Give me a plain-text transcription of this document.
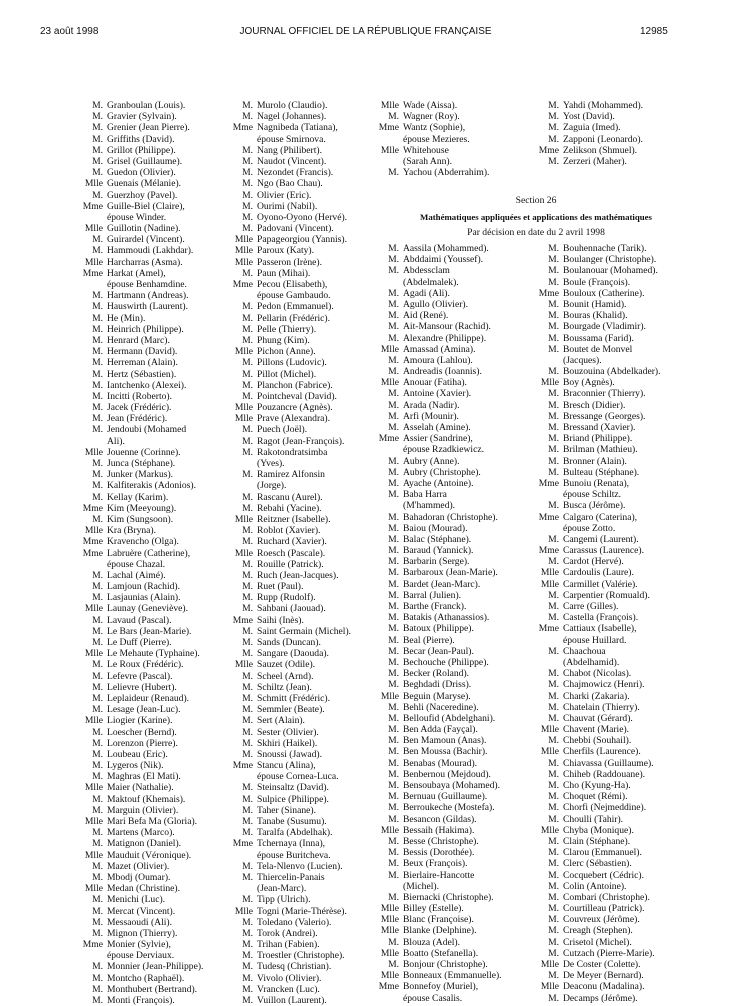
23 août 1998	JOURNAL OFFICIEL DE LA RÉPUBLIQUE FRANÇAISE	12985
M. Granboulan (Louis).
M. Gravier (Sylvain).
M. Grenier (Jean Pierre).
M. Griffiths (David).
M. Grillot (Philippe).
M. Grisel (Guillaume).
M. Guedon (Olivier).
Mlle Guenais (Mélanie).
M. Guerzhoy (Pavel).
Mme Guille-Biel (Claire),
épouse Winder.
Mlle Guillotin (Nadine).
M. Guirardel (Vincent).
M. Hammoudi (Lakhdar).
Mlle Harcharras (Asma).
Mme Harkat (Amel),
épouse Benhamdine.
M. Hartmann (Andreas).
M. Hauswirth (Laurent).
M. He (Min).
M. Heinrich (Philippe).
M. Henrard (Marc).
M. Hermann (David).
M. Herreman (Alain).
M. Hertz (Sébastien).
M. Iantchenko (Alexei).
M. Incitti (Roberto).
M. Jacek (Frédéric).
M. Jean (Frédéric).
M. Jendoubi (Mohamed
Ali).
Mlle Jouenne (Corinne).
M. Junca (Stéphane).
M. Junker (Markus).
M. Kalfiterakis (Adonios).
M. Kellay (Karim).
Mme Kim (Meeyoung).
M. Kim (Sungsoon).
Mlle Kra (Bryna).
Mme Kravencho (Olga).
Mme Labruère (Catherine),
épouse Chazal.
M. Lachal (Aimé).
M. Lamjoun (Rachid).
M. Lasjaunias (Alain).
Mlle Launay (Geneviève).
M. Lavaud (Pascal).
M. Le Bars (Jean-Marie).
M. Le Duff (Pierre).
Mlle Le Mehaute (Typhaine).
M. Le Roux (Frédéric).
M. Lefevre (Pascal).
M. Lelievre (Hubert).
M. Leplaideur (Renaud).
M. Lesage (Jean-Luc).
Mlle Liogier (Karine).
M. Loescher (Bernd).
M. Lorenzon (Pierre).
M. Loubeau (Eric).
M. Lygeros (Nik).
M. Maghras (El Mati).
Mlle Maier (Nathalie).
M. Maktouf (Khemais).
M. Marguin (Olivier).
Mlle Mari Befa Ma (Gloria).
M. Martens (Marco).
M. Matignon (Daniel).
Mlle Mauduit (Véronique).
M. Mazet (Olivier).
M. Mbodj (Oumar).
Mlle Medan (Christine).
M. Menichi (Luc).
M. Mercat (Vincent).
M. Messaoudi (Ali).
M. Mignon (Thierry).
Mme Monier (Sylvie),
épouse Derviaux.
M. Monnier (Jean-Philippe).
M. Montcho (Raphaël).
M. Monthubert (Bertrand).
M. Monti (François).
M. Murolo (Claudio).
M. Nagel (Johannes).
Mme Nagnibeda (Tatiana),
épouse Smirnova.
M. Nang (Philibert).
M. Naudot (Vincent).
M. Nezondet (Francis).
M. Ngo (Bao Chau).
M. Olivier (Eric).
M. Ourimi (Nabil).
M. Oyono-Oyono (Hervé).
M. Padovani (Vincent).
Mlle Papageorgiou (Yannis).
Mlle Paroux (Katy).
Mlle Passeron (Irène).
M. Paun (Mihai).
Mme Pecou (Elisabeth),
épouse Gambaudo.
M. Pedon (Emmanuel).
M. Pellarin (Frédéric).
M. Pelle (Thierry).
M. Phung (Kim).
Mlle Pichon (Anne).
M. Pillons (Ludovic).
M. Pillot (Michel).
M. Planchon (Fabrice).
M. Pointcheval (David).
Mlle Pouzancre (Agnès).
Mlle Prave (Alexandra).
M. Puech (Joël).
M. Ragot (Jean-François).
M. Rakotondratsimba
(Yves).
M. Ramirez Alfonsin
(Jorge).
M. Rascanu (Aurel).
M. Rebahi (Yacine).
Mlle Reitzner (Isabelle).
M. Roblot (Xavier).
M. Ruchard (Xavier).
Mlle Roesch (Pascale).
M. Rouille (Patrick).
M. Ruch (Jean-Jacques).
M. Ruet (Paul).
M. Rupp (Rudolf).
M. Sahbani (Jaouad).
Mme Saihi (Inès).
M. Saint Germain (Michel).
M. Sands (Duncan).
M. Sangare (Daouda).
Mlle Sauzet (Odile).
M. Scheel (Arnd).
M. Schiltz (Jean).
M. Schmitt (Frédéric).
M. Semmler (Beate).
M. Sert (Alain).
M. Sester (Olivier).
M. Skhiri (Haikel).
M. Snoussi (Jawad).
Mme Stancu (Alina),
épouse Cornea-Luca.
M. Steinsaltz (David).
M. Sulpice (Philippe).
M. Taher (Sinane).
M. Tanabe (Susumu).
M. Taralfa (Abdelhak).
Mme Tchernaya (Inna),
épouse Buritcheva.
M. Tela-Nlenvo (Lucien).
M. Thiercelin-Panais
(Jean-Marc).
M. Tipp (Ulrich).
Mlle Togni (Marie-Thérèse).
M. Toledano (Valerio).
M. Torok (Andrei).
M. Trihan (Fabien).
M. Troestler (Christophe).
M. Tudesq (Christian).
M. Vivolo (Olivier).
M. Vrancken (Luc).
M. Vuillon (Laurent).
Mlle Wade (Aissa).
M. Wagner (Roy).
Mme Wantz (Sophie),
épouse Mezieres.
Mlle Whitehouse
(Sarah Ann).
M. Yachou (Abderrahim).
M. Yahdi (Mohammed).
M. Yost (David).
M. Zaguia (Imed).
M. Zapponi (Leonardo).
Mme Zelikson (Shmuel).
M. Zerzeri (Maher).
Section 26
Mathématiques appliquées et applications des mathématiques
Par décision en date du 2 avril 1998
M. Aassila (Mohammed).
M. Abddaimi (Youssef).
M. Abdessclam
(Abdelmalek).
M. Agadi (Ali).
M. Agullo (Olivier).
M. Aid (René).
M. Ait-Mansour (Rachid).
M. Alexandre (Philippe).
Mlle Amassad (Amina).
M. Amoura (Lahlou).
M. Andreadis (Ioannis).
Mlle Anouar (Fatiha).
M. Antoine (Xavier).
M. Arada (Nadir).
M. Arfi (Mounir).
M. Asselah (Amine).
Mme Assier (Sandrine),
épouse Rzadkiewicz.
M. Aubry (Anne).
M. Aubry (Christophe).
M. Ayache (Antoine).
M. Baba Harra
(M'hammed).
M. Bahadoran (Christophe).
M. Baiou (Mourad).
M. Balac (Stéphane).
M. Baraud (Yannick).
M. Barbarin (Serge).
M. Barbaroux (Jean-Marie).
M. Bardet (Jean-Marc).
M. Barral (Julien).
M. Barthe (Franck).
M. Batakis (Athanassios).
M. Batoux (Philippe).
M. Beal (Pierre).
M. Becar (Jean-Paul).
M. Bechouche (Philippe).
M. Becker (Roland).
M. Beghdadi (Driss).
Mlle Beguin (Maryse).
M. Behli (Naceredine).
M. Belloufid (Abdelghani).
M. Ben Adda (Fayçal).
M. Ben Mamoun (Anas).
M. Ben Moussa (Bachir).
M. Benabas (Mourad).
M. Benbernou (Mejdoud).
M. Bensoubaya (Mohamed).
M. Bernuau (Guillaume).
M. Berroukeche (Mostefa).
M. Besancon (Gildas).
Mlle Bessaih (Hakima).
M. Besse (Christophe).
M. Bessis (Dorothée).
M. Beux (François).
M. Bierlaire-Hancotte
(Michel).
M. Biernacki (Christophe).
Mlle Billey (Estelle).
Mlle Blanc (Françoise).
Mlle Blanke (Delphine).
M. Blouza (Adel).
Mlle Boatto (Stefanella).
M. Bonjour (Christophe).
Mlle Bonneaux (Emmanuelle).
Mme Bonnefoy (Muriel),
épouse Casalis.
M. Bouhennache (Tarik).
M. Boulanger (Christophe).
M. Boulanouar (Mohamed).
M. Boule (François).
Mme Bouloux (Catherine).
M. Bounit (Hamid).
M. Bouras (Khalid).
M. Bourgade (Vladimir).
M. Boussama (Farid).
M. Boutet de Monvel
(Jacques).
M. Bouzouina (Abdelkader).
Mlle Boy (Agnès).
M. Braconnier (Thierry).
M. Bresch (Didier).
M. Bressange (Georges).
M. Bressand (Xavier).
M. Briand (Philippe).
M. Brilman (Mathieu).
M. Bronner (Alain).
M. Bulteau (Stéphane).
Mme Bunoiu (Renata),
épouse Schiltz.
M. Busca (Jérôme).
Mme Calgaro (Caterina),
épouse Zotto.
M. Cangemi (Laurent).
Mme Carassus (Laurence).
M. Cardot (Hervé).
Mlle Cardoulis (Laure).
Mlle Carmillet (Valérie).
M. Carpentier (Romuald).
M. Carre (Gilles).
M. Castella (François).
Mme Cattiaux (Isabelle),
épouse Huillard.
M. Chaachoua
(Abdelhamid).
M. Chabot (Nicolas).
M. Chajmowicz (Henri).
M. Charki (Zakaria).
M. Chatelain (Thierry).
M. Chauvat (Gérard).
Mlle Chavent (Marie).
M. Chebbi (Souhail).
Mlle Cherfils (Laurence).
M. Chiavassa (Guillaume).
M. Chiheb (Raddouane).
M. Cho (Kyung-Ha).
M. Choquet (Rémi).
M. Chorfi (Nejmeddine).
M. Choulli (Tahir).
Mlle Chyba (Monique).
M. Clain (Stéphane).
M. Clarou (Emmanuel).
M. Clerc (Sébastien).
M. Cocquebert (Cédric).
M. Colin (Antoine).
M. Combari (Christophe).
M. Courtilleau (Patrick).
M. Couvreux (Jérôme).
M. Creagh (Stephen).
M. Crisetol (Michel).
M. Cutzach (Pierre-Marie).
Mlle De Coster (Colette).
M. De Meyer (Bernard).
Mlle Deaconu (Madalina).
M. Decamps (Jérôme).
